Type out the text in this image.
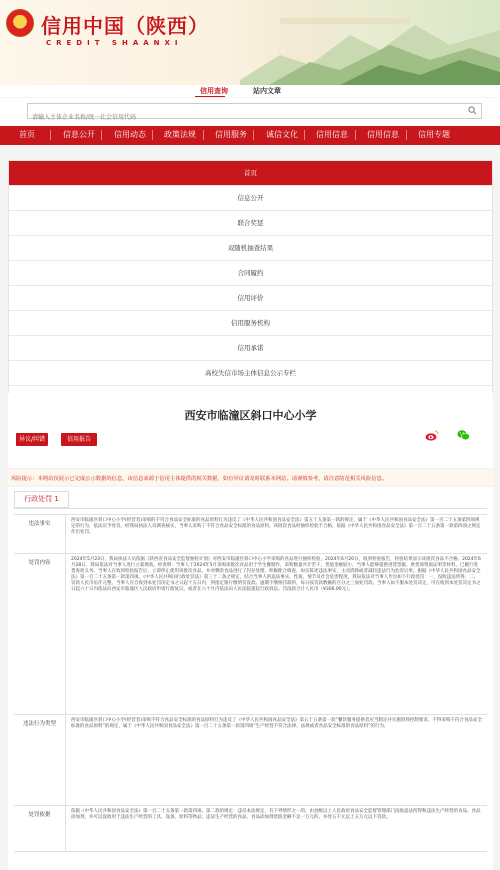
信用中国（陕西）
CREDIT SHAANXI
信用查询	站内文章
请输入主体企业名称/统一社会信用代码
首页	信息公开 信用动态 政策法规 信用服务 诚信文化 信用信息 信用信息 信用专题
首页
信息公开
联合奖惩
双随机抽查结果
合同履约
信用评价
信用服务机构
信用承诺
高校失信市场主体信息公示专栏
西安市临潼区斜口中心小学
异议/纠错	信用报告
风险提示：本网站仅展示已完成公示数据的信息，该信息来源于信用主体提供的相关数据，如有异议请及时联系本网站。请谨慎参考，请注意防范相关风险信息。
行政处罚 1
违法事实
西安市临潼区斜口中心小学(经营者)采购的不符合食品安全标准的食品原料行为违反了《中华人民共和国食品安全法》第五十五条第一款的规定，属于《中华人民共和国食品安全法》第一百二十五条第四项规定的行为，依法应予处罚。经我局执法人员调查核实，当事人采购了不符合食品安全标准的食品原料，该批次食品经抽样检验不合格，依据《中华人民共和国食品安全法》第一百二十五条第一款第四项之规定作出处罚。
处罚内容
2024年5月23日，我局执法人员依据《陕西省食品安全监督抽检计划》对西安市临潼区斜口中心小学采购的食品进行抽样检验，2024年6月20日，收到检验报告，检验结果显示该批次食品不合格。2024年6月28日，我局依法对当事人进行立案调查。经查明：当事人于2024年5月采购该批次食品用于学生餐制作，采购数量共计若干，货值金额较小，当事人能够提供进货票据、供货商资质证明等材料，已履行进货查验义务。当事人在收到检验报告后，立即停止使用该批次食品，并对剩余食品进行了封存处理，积极配合调查，如实陈述违法事实，主动消除或者减轻违法行为危害后果。根据《中华人民共和国食品安全法》第一百二十五条第一款第四项、《中华人民共和国行政处罚法》第三十二条之规定，结合当事人的违法事实、性质、情节及社会危害程度，我局依法对当事人作出如下行政处罚：一、没收违法所得；二、罚款人民币伍仟元整。当事人应自收到本处罚决定书之日起十五日内，到指定银行缴纳罚没款。逾期不缴纳罚款的，每日按罚款数额的百分之三加处罚款。当事人如不服本处罚决定，可在收到本处罚决定书之日起六十日内依法向西安市临潼区人民政府申请行政复议，或者在六个月内依法向人民法院提起行政诉讼。罚没款合计人民币（¥306.00元）。
违法行为类型
西安市临潼区斜口中心小学(经营者)采购不符合食品安全标准的食品原料行为违反了《中华人民共和国食品安全法》第五十五条第一款“餐饮服务提供者应当制定并实施原料控制要求，不得采购不符合食品安全标准的食品原料”的规定，属于《中华人民共和国食品安全法》第一百二十五条第一款第四项“生产经营不符合法律、法规或者食品安全标准的食品原料”的行为。
处罚依据
依据《中华人民共和国食品安全法》第一百二十五条第一款第四项、第二款的规定：违反本法规定，有下列情形之一的，由县级以上人民政府食品安全监督管理部门没收违法所得和违法生产经营的食品、食品添加剂，并可以没收用于违法生产经营的工具、设备、原料等物品；违法生产经营的食品、食品添加剂货值金额不足一万元的，并处五千元以上五万元以下罚款。
